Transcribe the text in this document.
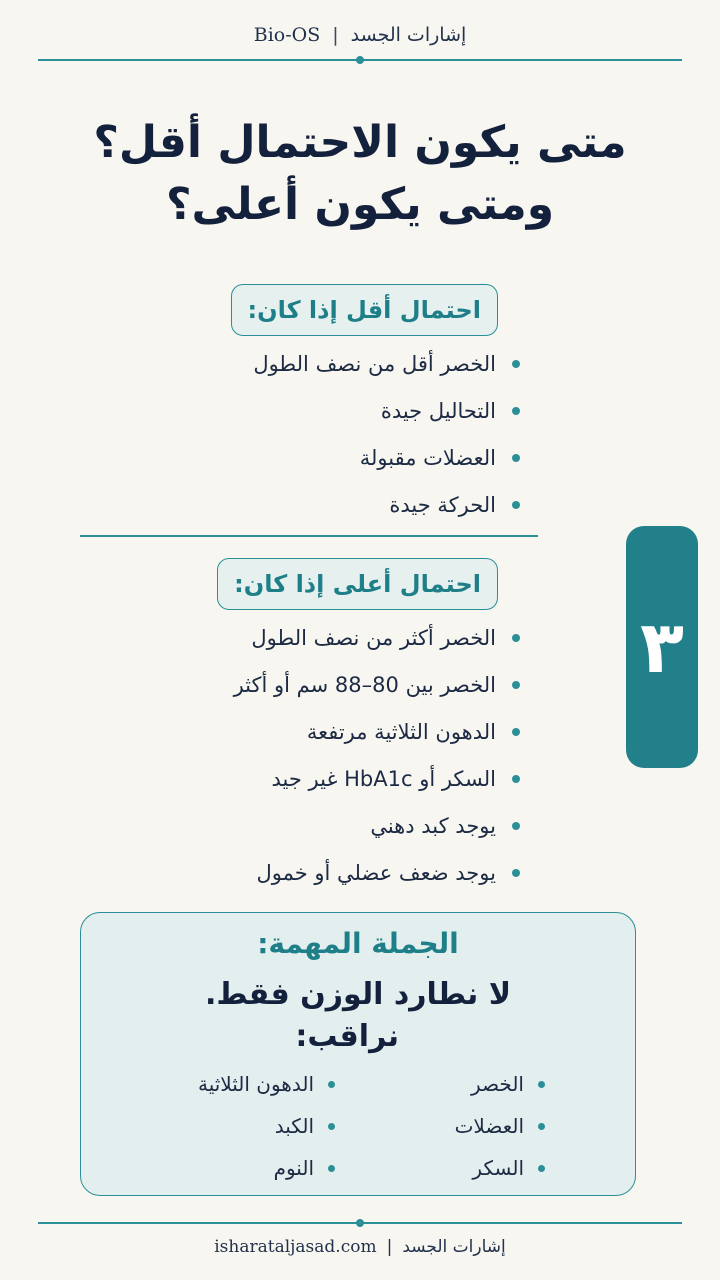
Bio-OS | إشارات الجسد
متى يكون الاحتمال أقل؟
ومتى يكون أعلى؟
احتمال أقل إذا كان:
الخصر أقل من نصف الطول
التحاليل جيدة
العضلات مقبولة
الحركة جيدة
احتمال أعلى إذا كان:
الخصر أكثر من نصف الطول
الخصر بين 80–88 سم أو أكثر
الدهون الثلاثية مرتفعة
السكر أو HbA1c غير جيد
يوجد كبد دهني
يوجد ضعف عضلي أو خمول
٣
الجملة المهمة:
لا نطارد الوزن فقط.
نراقب:
الخصر
العضلات
السكر
الدهون الثلاثية
الكبد
النوم
isharataljasad.com | إشارات الجسد
